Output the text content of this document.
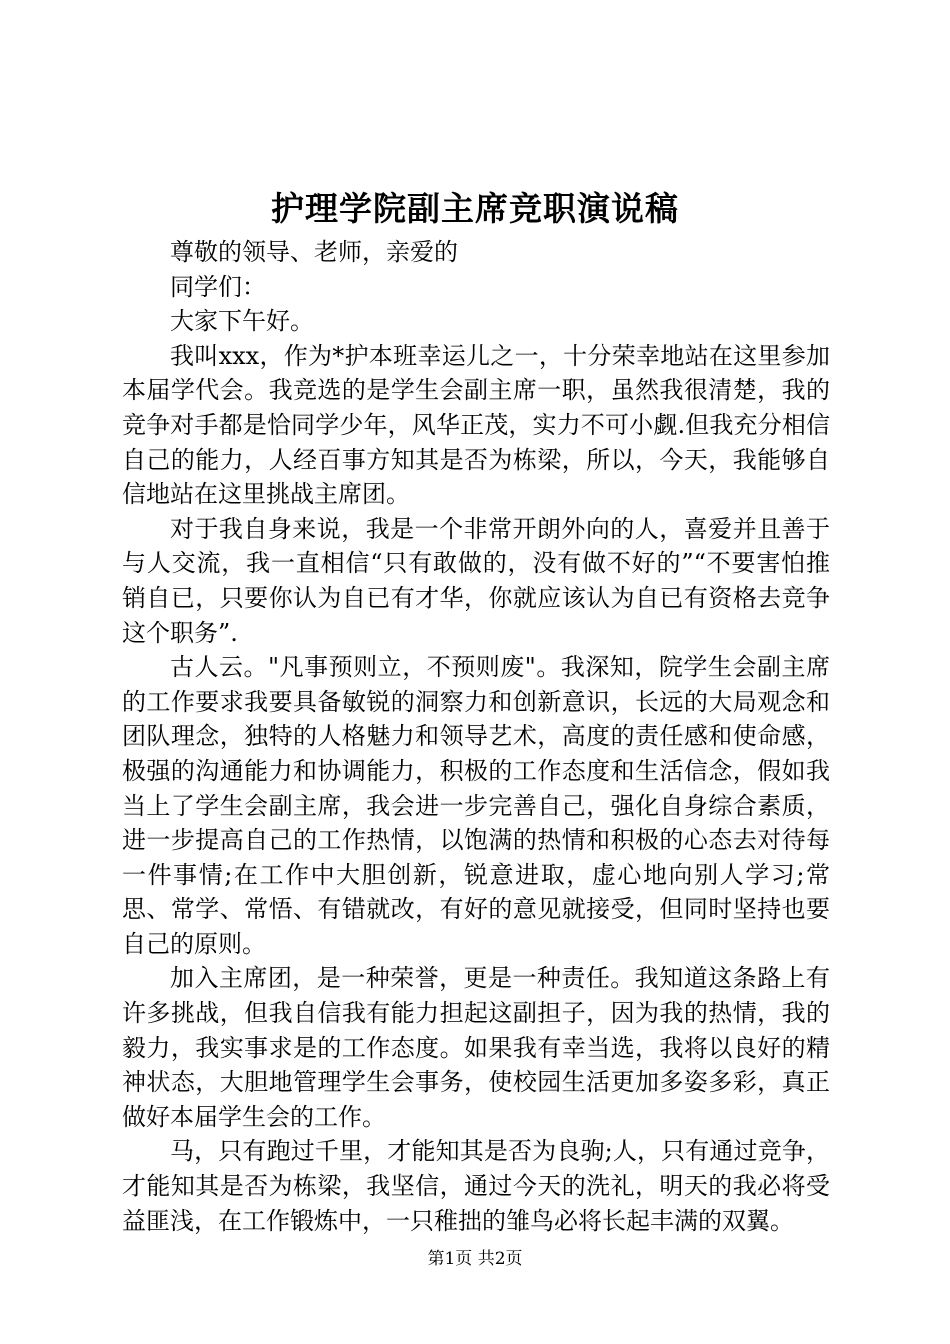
护理学院副主席竞职演说稿

尊敬的领导、老师，亲爱的

同学们：

大家下午好。

我叫xxx，作为*护本班幸运儿之一，十分荣幸地站在这里参加本届学代会。我竞选的是学生会副主席一职，虽然我很清楚，我的竞争对手都是恰同学少年，风华正茂，实力不可小觑.但我充分相信自己的能力，人经百事方知其是否为栋梁，所以，今天，我能够自信地站在这里挑战主席团。

对于我自身来说，我是一个非常开朗外向的人，喜爱并且善于与人交流，我一直相信“只有敢做的，没有做不好的”“不要害怕推销自已，只要你认为自已有才华，你就应该认为自已有资格去竞争这个职务”.

古人云。"凡事预则立，不预则废"。我深知，院学生会副主席的工作要求我要具备敏锐的洞察力和创新意识，长远的大局观念和团队理念，独特的人格魅力和领导艺术，高度的责任感和使命感，极强的沟通能力和协调能力，积极的工作态度和生活信念，假如我当上了学生会副主席，我会进一步完善自己，强化自身综合素质，进一步提高自己的工作热情，以饱满的热情和积极的心态去对待每一件事情;在工作中大胆创新，锐意进取，虚心地向别人学习;常思、常学、常悟、有错就改，有好的意见就接受，但同时坚持也要自己的原则。

加入主席团，是一种荣誉，更是一种责任。我知道这条路上有许多挑战，但我自信我有能力担起这副担子，因为我的热情，我的毅力，我实事求是的工作态度。如果我有幸当选，我将以良好的精神状态，大胆地管理学生会事务，使校园生活更加多姿多彩，真正做好本届学生会的工作。

马，只有跑过千里，才能知其是否为良驹;人，只有通过竞争，才能知其是否为栋梁，我坚信，通过今天的洗礼，明天的我必将受益匪浅，在工作锻炼中，一只稚拙的雏鸟必将长起丰满的双翼。

第1页 共2页
